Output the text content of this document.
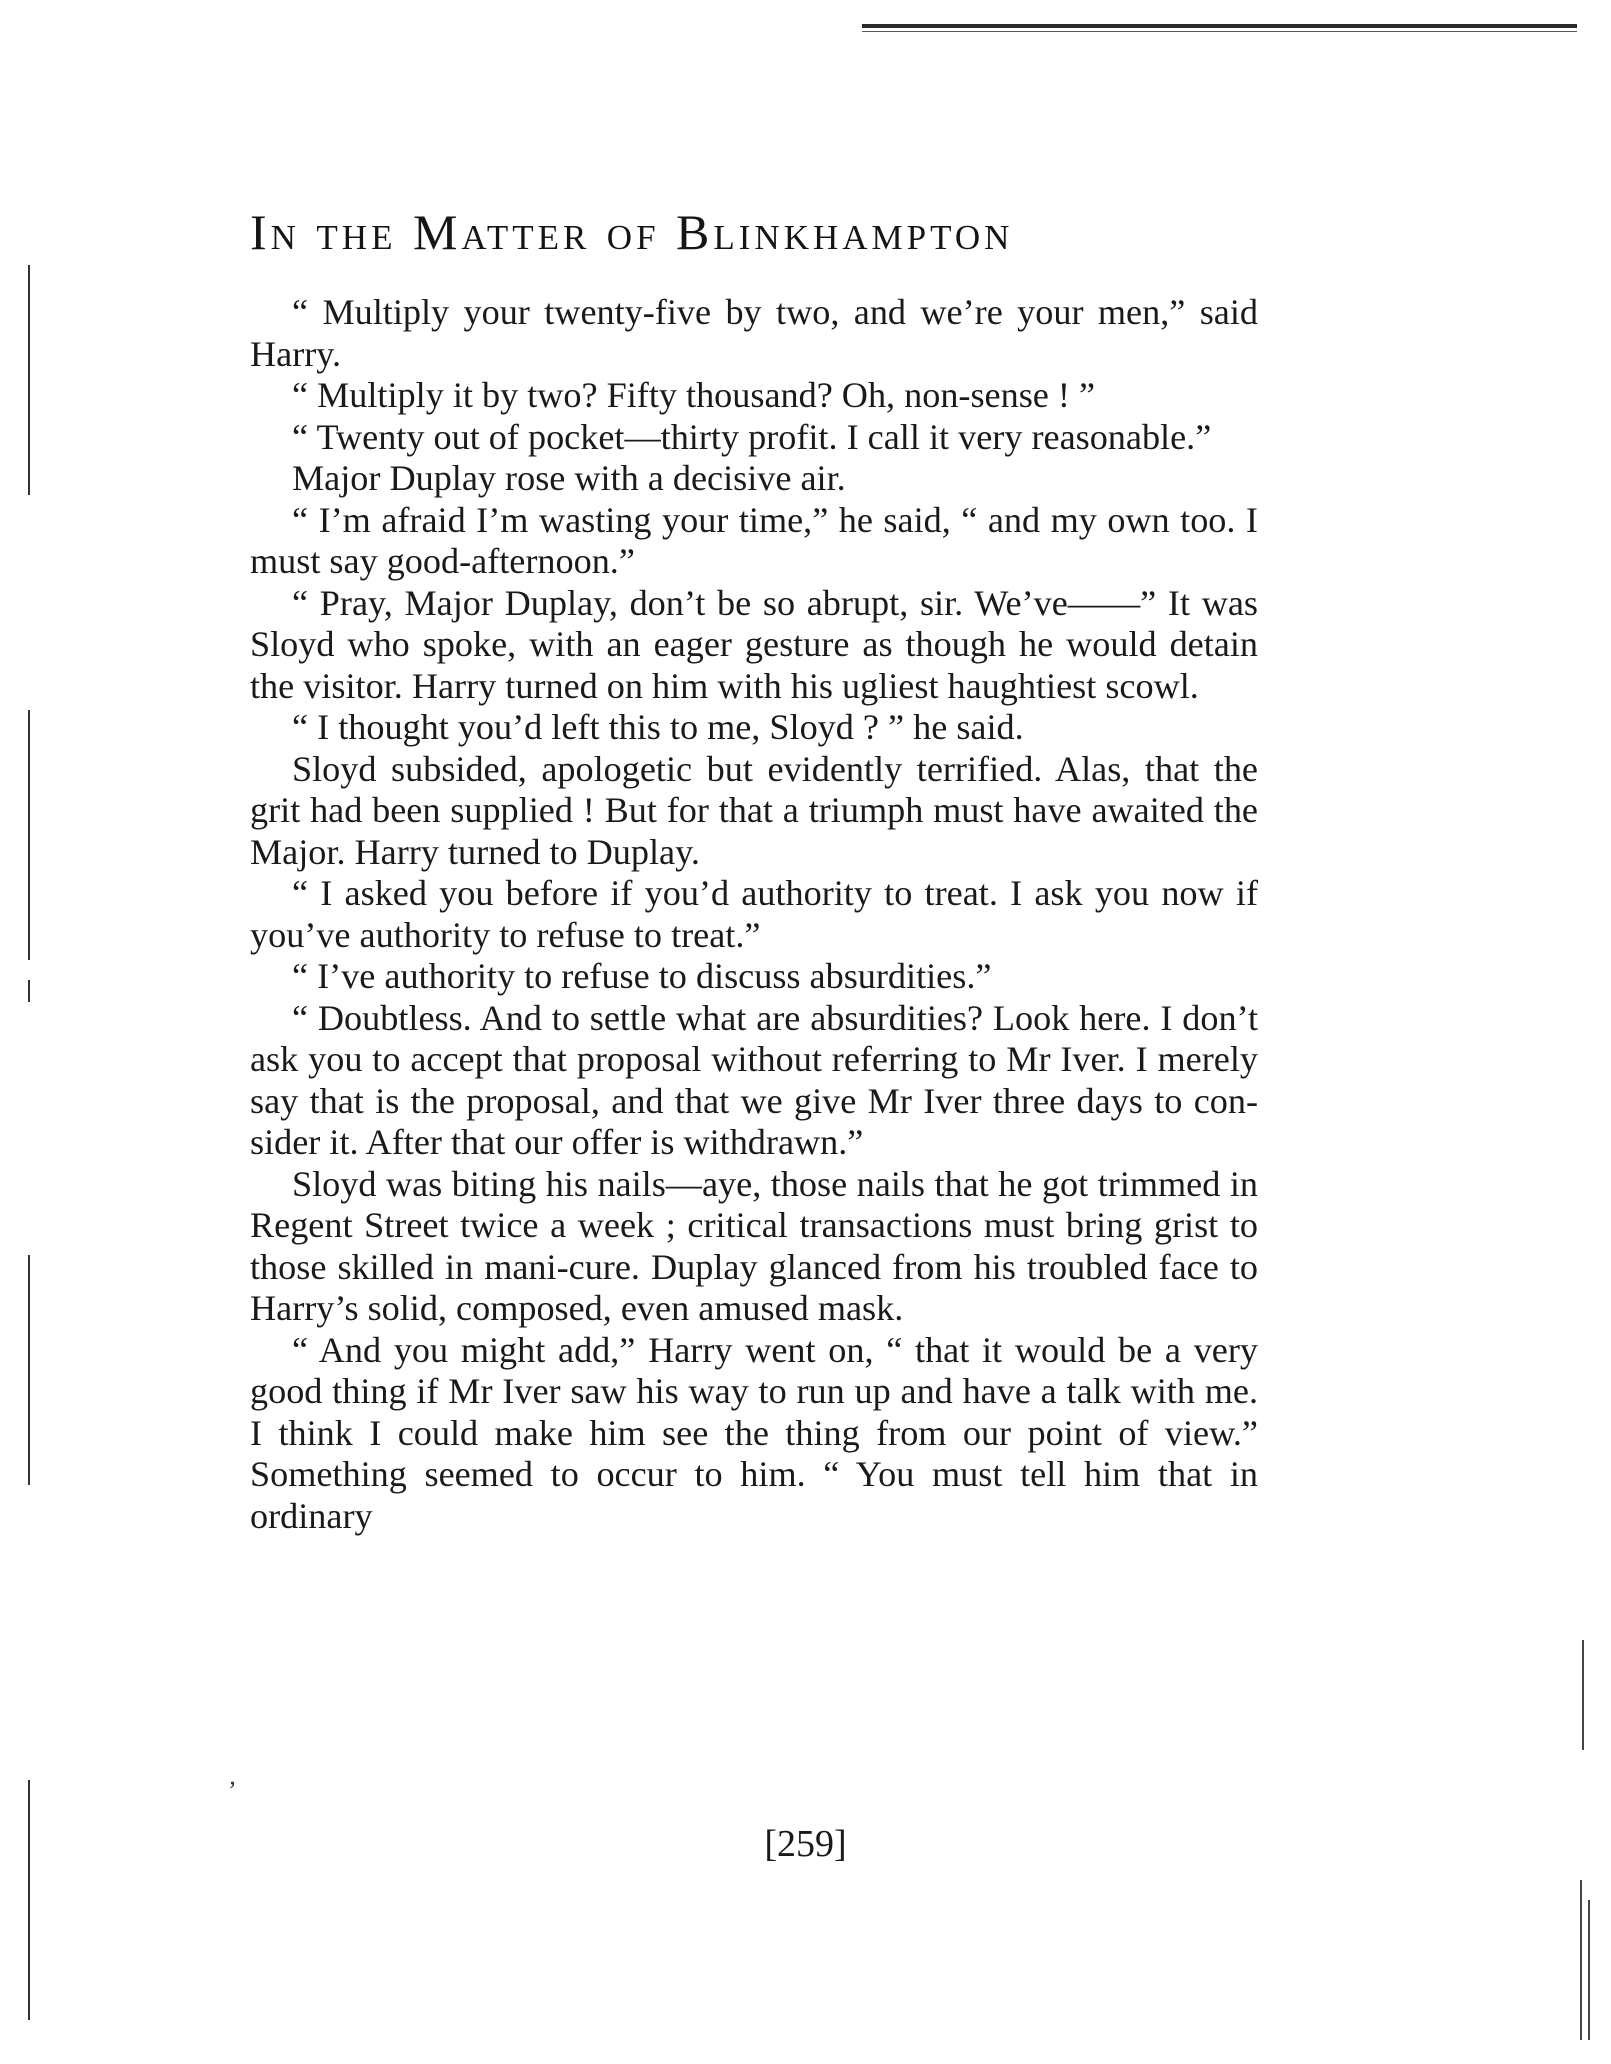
In the Matter of Blinkhampton

“ Multiply your twenty-five by two, and we’re your men,” said Harry.

“ Multiply it by two? Fifty thousand? Oh, non-sense ! ”

“ Twenty out of pocket—thirty profit. I call it very reasonable.”

Major Duplay rose with a decisive air.

“ I’m afraid I’m wasting your time,” he said, “ and my own too. I must say good-afternoon.”

“ Pray, Major Duplay, don’t be so abrupt, sir. We’ve——” It was Sloyd who spoke, with an eager gesture as though he would detain the visitor. Harry turned on him with his ugliest haughtiest scowl.

“ I thought you’d left this to me, Sloyd ? ” he said.

Sloyd subsided, apologetic but evidently terrified. Alas, that the grit had been supplied ! But for that a triumph must have awaited the Major. Harry turned to Duplay.

“ I asked you before if you’d authority to treat. I ask you now if you’ve authority to refuse to treat.”

“ I’ve authority to refuse to discuss absurdities.”

“ Doubtless. And to settle what are absurdities? Look here. I don’t ask you to accept that proposal without referring to Mr Iver. I merely say that is the proposal, and that we give Mr Iver three days to con-sider it. After that our offer is withdrawn.”

Sloyd was biting his nails—aye, those nails that he got trimmed in Regent Street twice a week ; critical transactions must bring grist to those skilled in mani-cure. Duplay glanced from his troubled face to Harry’s solid, composed, even amused mask.

“ And you might add,” Harry went on, “ that it would be a very good thing if Mr Iver saw his way to run up and have a talk with me. I think I could make him see the thing from our point of view.” Something seemed to occur to him. “ You must tell him that in ordinary

ʼ
[259]
